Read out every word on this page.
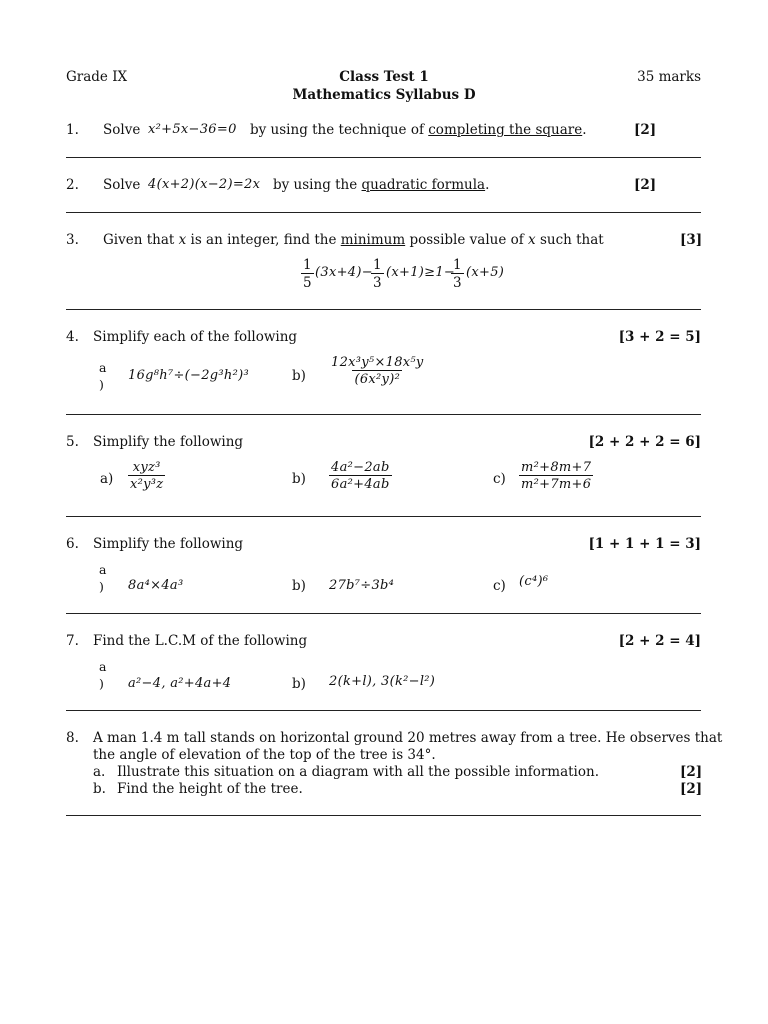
Grade IX	Class Test 1
Mathematics Syllabus D
35 marks
1. Solve x²+5x−36=0 by using the technique of completing the square.	[2]
2. Solve 4(x+2)(x−2)=2x by using the quadratic formula.	[2]
3. Given that x is an integer, find the minimum possible value of x such that	[3]
$\frac{1}{5} (3x+4)-$
$\frac{1}{3} (x+1)\ge 1-$
$\frac{1}{3} (x+5)$
4. Simplify each of the following	[3 + 2 = 5]
a
)
16g⁸h⁷÷(−2g³h²)³	$b) \frac{\text{12x³y⁵×18x⁵y}}{\text{(6x²y)²}}$
5. Simplify the following	[2 + 2 + 2 = 6]
a)
xyz³
x²y³z	$b) \frac{\text{4a²−2ab}}{\text{6a²+4ab}}$	$c) \frac{\text{m²+8m+7}}{\text{m²+7m+6}}$
6. Simplify the following	[1 + 1 + 1 = 3]
a
) 8a⁴×4a³	b) 27b⁷÷3b⁴	c) (c⁴)⁶
7. Find the L.C.M of the following	[2 + 2 = 4]
a
) a²−4, a²+4a+4	b) 2(k+l), 3(k²−l²)
8. A man 1.4 m tall stands on horizontal ground 20 metres away from a tree. He observes that
the angle of elevation of the top of the tree is 34°.
a. Illustrate this situation on a diagram with all the possible information.	[2]
b. Find the height of the tree.	[2]
